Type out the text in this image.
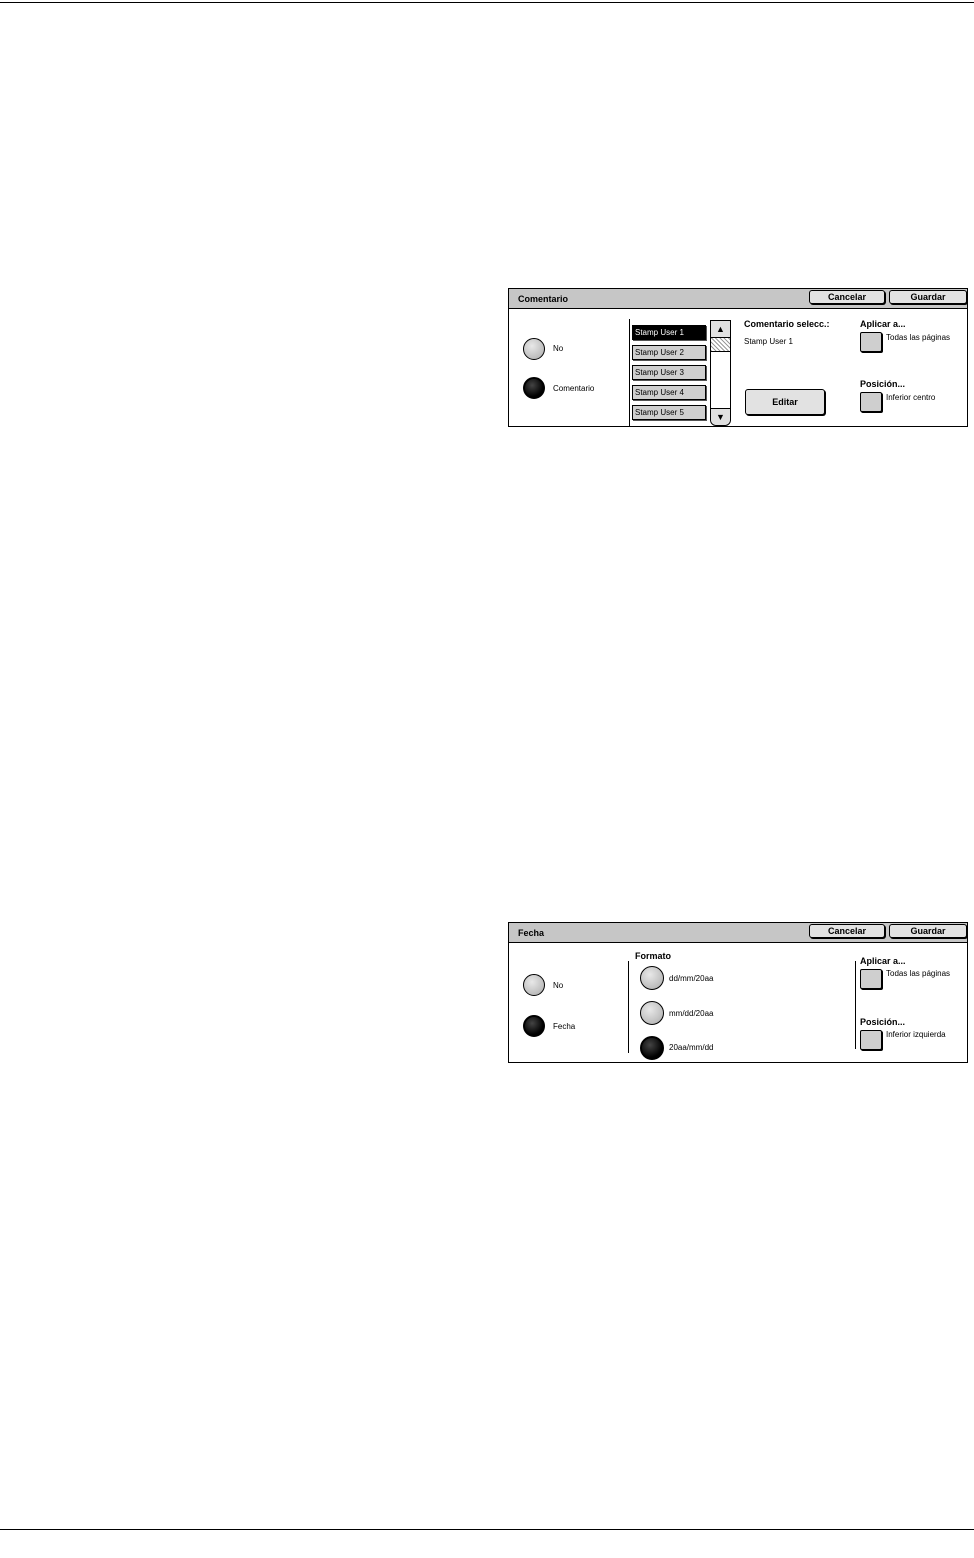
Comentario	Cancelar	Guardar
No
Comentario
Stamp User 1
Stamp User 2
Stamp User 3
Stamp User 4
Stamp User 5
▲
▼
Comentario selecc.:
Stamp User 1
Editar
Aplicar a...
Todas las páginas
Posición...
Inferior centro
Fecha	Cancelar	Guardar
No
Fecha
Formato
dd/mm/20aa
mm/dd/20aa
20aa/mm/dd
Aplicar a...
Todas las páginas
Posición...
Inferior izquierda
